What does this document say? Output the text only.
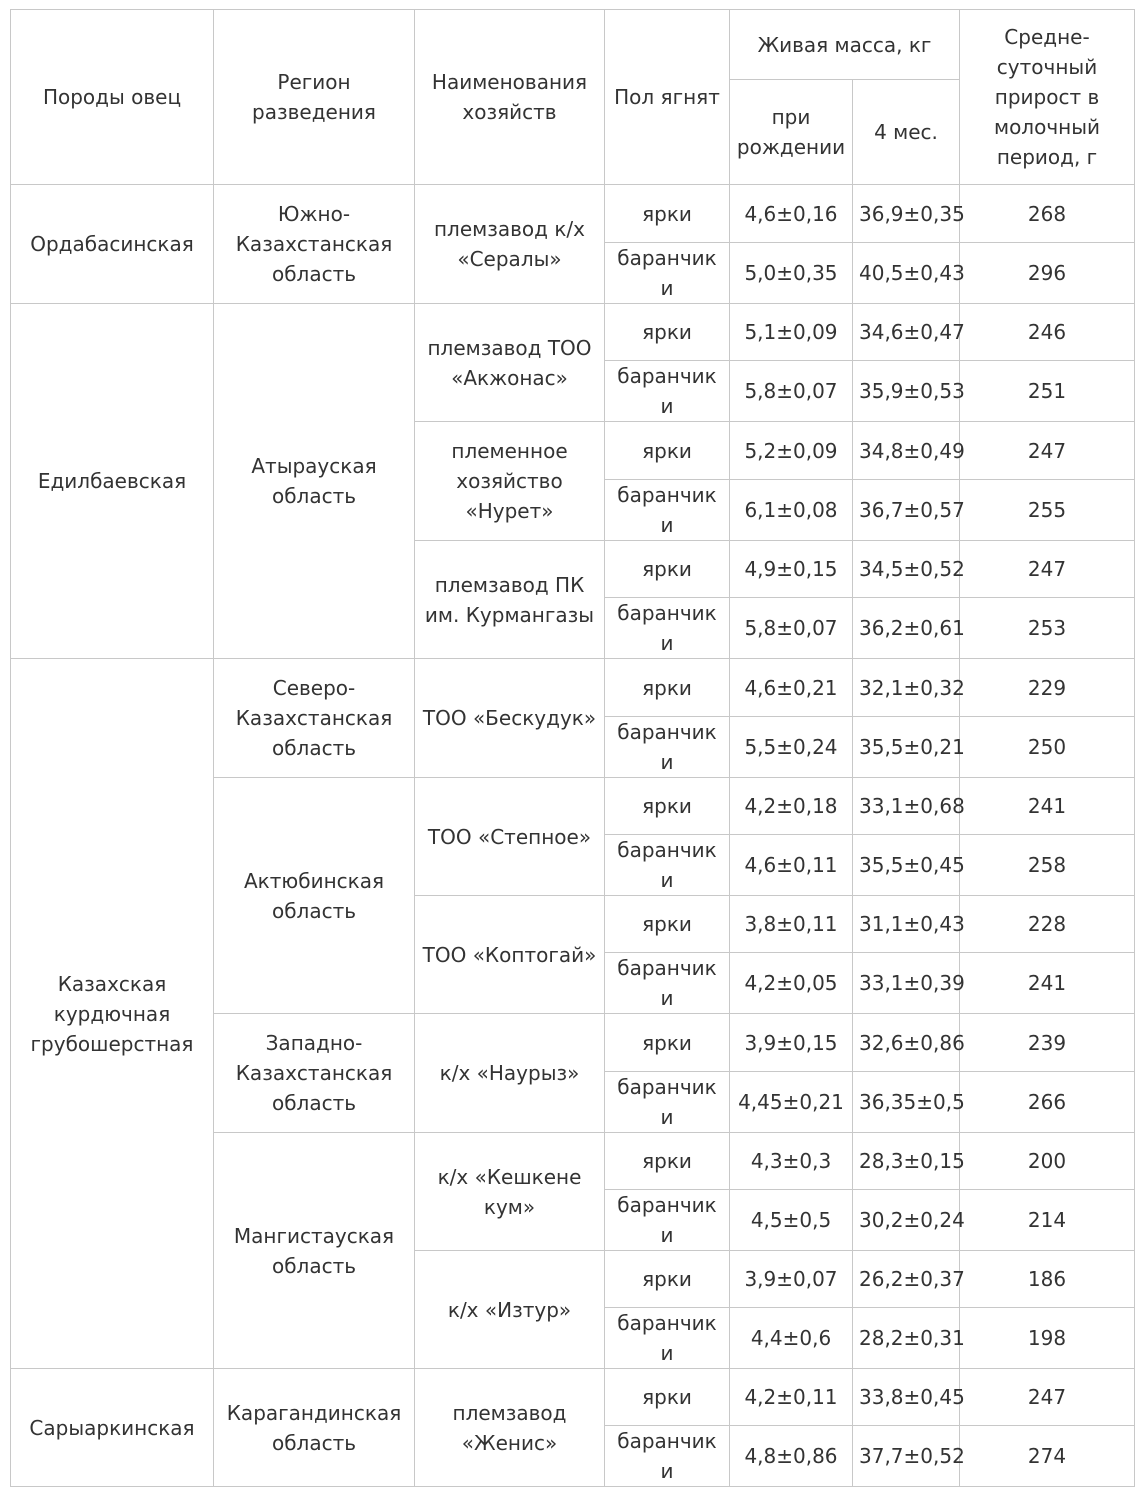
Породы овец	Регион разведения	Наименования хозяйств	Пол ягнят	Живая масса, кг		Средне-суточный прирост в молочный период, г
				при рождении	4 мес.	
Ордабасинская	Южно-Казахстанская область	племзавод к/х «Сералы»	ярки	4,6±0,16	36,9±0,35	268
			баранчики	5,0±0,35	40,5±0,43	296
Едилбаевская	Атырауская область	племзавод ТОО «Акжонас»	ярки	5,1±0,09	34,6±0,47	246
			баранчики	5,8±0,07	35,9±0,53	251
		племенное хозяйство «Нурет»	ярки	5,2±0,09	34,8±0,49	247
			баранчики	6,1±0,08	36,7±0,57	255
		племзавод ПК им. Курмангазы	ярки	4,9±0,15	34,5±0,52	247
			баранчики	5,8±0,07	36,2±0,61	253
Казахская курдючная грубошерстная	Северо-Казахстанская область	ТОО «Бескудук»	ярки	4,6±0,21	32,1±0,32	229
			баранчики	5,5±0,24	35,5±0,21	250
	Актюбинская область	ТОО «Степное»	ярки	4,2±0,18	33,1±0,68	241
			баранчики	4,6±0,11	35,5±0,45	258
		ТОО «Коптогай»	ярки	3,8±0,11	31,1±0,43	228
			баранчики	4,2±0,05	33,1±0,39	241
	Западно-Казахстанская область	к/х «Наурыз»	ярки	3,9±0,15	32,6±0,86	239
			баранчики	4,45±0,21	36,35±0,5	266
	Мангистауская область	к/х «Кешкене кум»	ярки	4,3±0,3	28,3±0,15	200
			баранчики	4,5±0,5	30,2±0,24	214
		к/х «Изтур»	ярки	3,9±0,07	26,2±0,37	186
			баранчики	4,4±0,6	28,2±0,31	198
Сарыаркинская	Карагандинская область	племзавод «Женис»	ярки	4,2±0,11	33,8±0,45	247
			баранчики	4,8±0,86	37,7±0,52	274
